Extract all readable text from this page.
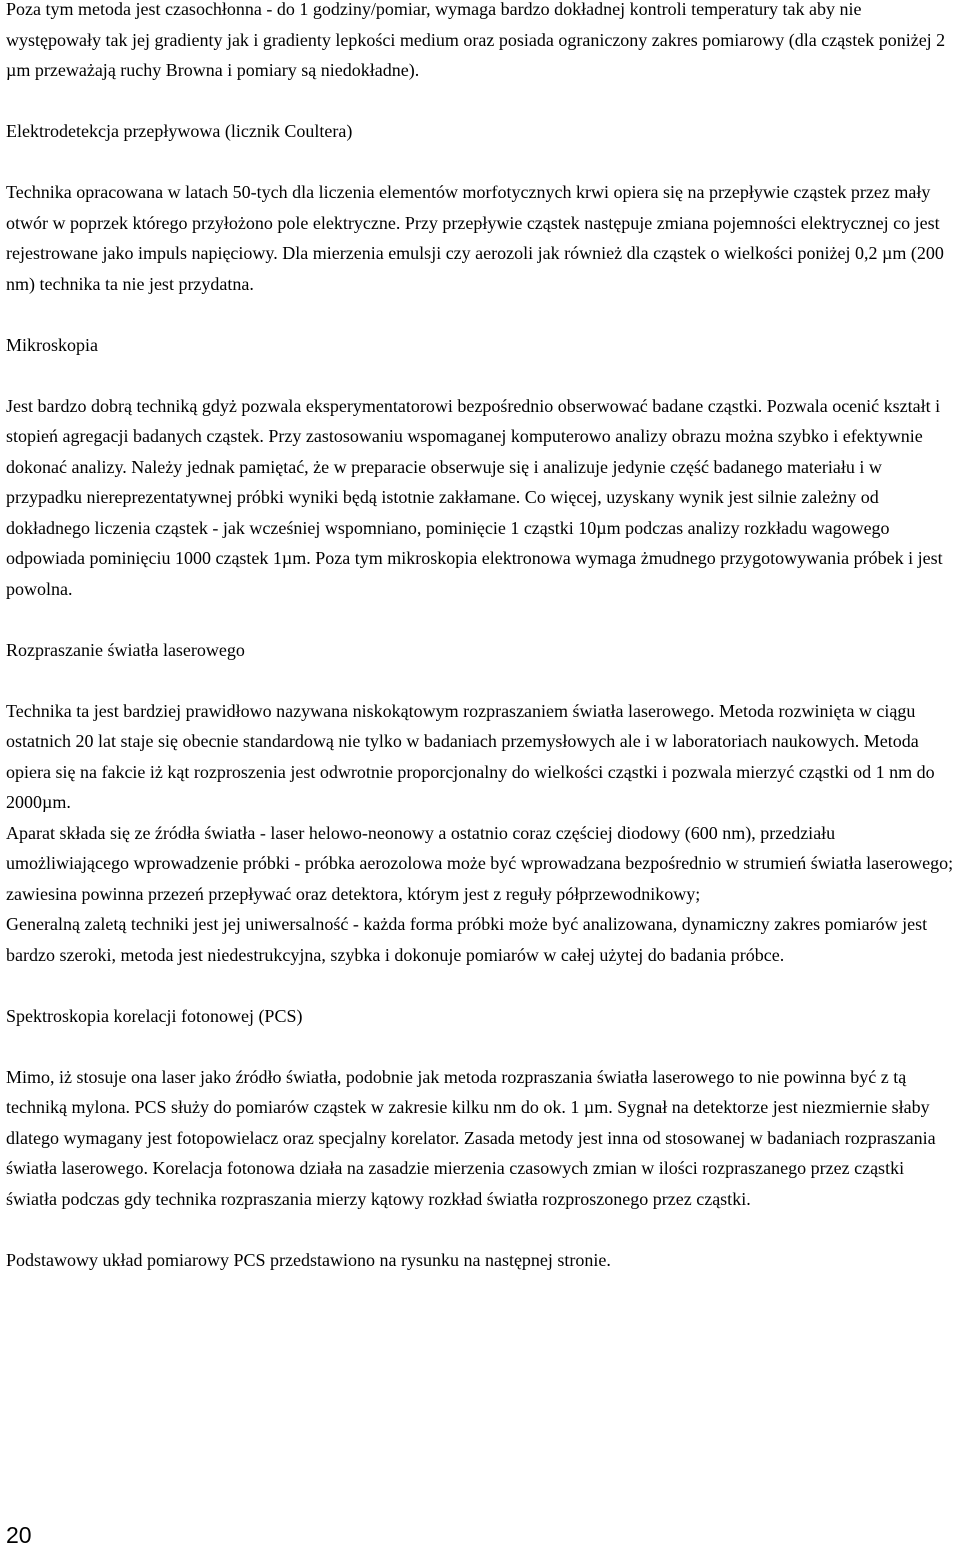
Poza tym metoda jest czasochłonna - do 1 godziny/pomiar, wymaga bardzo dokładnej kontroli temperatury tak aby nie występowały tak jej gradienty jak i gradienty lepkości medium oraz posiada ograniczony zakres pomiarowy (dla cząstek poniżej 2 µm przeważają ruchy Browna i pomiary są niedokładne).

Elektrodetekcja przepływowa (licznik Coultera)

Technika opracowana w latach 50-tych dla liczenia elementów morfotycznych krwi opiera się na przepływie cząstek przez mały otwór w poprzek którego przyłożono pole elektryczne. Przy przepływie cząstek następuje zmiana pojemności elektrycznej co jest rejestrowane jako impuls napięciowy. Dla mierzenia emulsji czy aerozoli jak również dla cząstek o wielkości poniżej 0,2 µm (200 nm) technika ta nie jest przydatna.

Mikroskopia

Jest bardzo dobrą techniką gdyż pozwala eksperymentatorowi bezpośrednio obserwować badane cząstki. Pozwala ocenić kształt i stopień agregacji badanych cząstek. Przy zastosowaniu wspomaganej komputerowo analizy obrazu można szybko i efektywnie dokonać analizy. Należy jednak pamiętać, że w preparacie obserwuje się i analizuje jedynie część badanego materiału i w przypadku niereprezentatywnej próbki wyniki będą istotnie zakłamane. Co więcej, uzyskany wynik jest silnie zależny od dokładnego liczenia cząstek - jak wcześniej wspomniano, pominięcie 1 cząstki 10µm podczas analizy rozkładu wagowego odpowiada pominięciu 1000 cząstek 1µm. Poza tym mikroskopia elektronowa wymaga żmudnego przygotowywania próbek i jest powolna.

Rozpraszanie światła laserowego

Technika ta jest bardziej prawidłowo nazywana niskokątowym rozpraszaniem światła laserowego. Metoda rozwinięta w ciągu ostatnich 20 lat staje się obecnie standardową nie tylko w badaniach przemysłowych ale i w laboratoriach naukowych. Metoda opiera się na fakcie iż kąt rozproszenia jest odwrotnie proporcjonalny do wielkości cząstki i pozwala mierzyć cząstki od 1 nm do 2000µm.

Aparat składa się ze źródła światła - laser helowo-neonowy a ostatnio coraz częściej diodowy (600 nm), przedziału umożliwiającego wprowadzenie próbki - próbka aerozolowa może być wprowadzana bezpośrednio w strumień światła laserowego; zawiesina powinna przezeń przepływać oraz detektora, którym jest z reguły półprzewodnikowy;

Generalną zaletą techniki jest jej uniwersalność - każda forma próbki może być analizowana, dynamiczny zakres pomiarów jest bardzo szeroki, metoda jest niedestrukcyjna, szybka i dokonuje pomiarów w całej użytej do badania próbce.

Spektroskopia korelacji fotonowej (PCS)

Mimo, iż stosuje ona laser jako źródło światła, podobnie jak metoda rozpraszania światła laserowego to nie powinna być z tą techniką mylona. PCS służy do pomiarów cząstek w zakresie kilku nm do ok. 1 µm. Sygnał na detektorze jest niezmiernie słaby dlatego wymagany jest fotopowielacz oraz specjalny korelator. Zasada metody jest inna od stosowanej w badaniach rozpraszania światła laserowego. Korelacja fotonowa działa na zasadzie mierzenia czasowych zmian w ilości rozpraszanego przez cząstki światła podczas gdy technika rozpraszania mierzy kątowy rozkład światła rozproszonego przez cząstki.

Podstawowy układ pomiarowy PCS przedstawiono na rysunku na następnej stronie.

20
